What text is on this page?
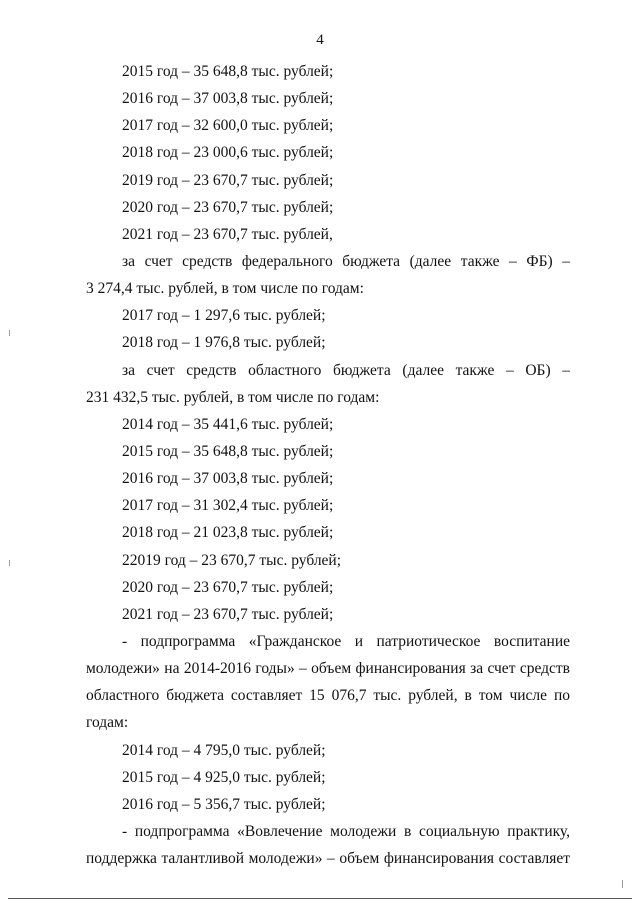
4
2015 год – 35 648,8 тыс. рублей;
2016 год – 37 003,8 тыс. рублей;
2017 год – 32 600,0 тыс. рублей;
2018 год – 23 000,6 тыс. рублей;
2019 год – 23 670,7 тыс. рублей;
2020 год – 23 670,7 тыс. рублей;
2021 год – 23 670,7 тыс. рублей,
за счет средств федерального бюджета (далее также – ФБ) –
3 274,4 тыс. рублей, в том числе по годам:
2017 год – 1 297,6 тыс. рублей;
2018 год – 1 976,8 тыс. рублей;
за счет средств областного бюджета (далее также – ОБ) –
231 432,5 тыс. рублей, в том числе по годам:
2014 год – 35 441,6 тыс. рублей;
2015 год – 35 648,8 тыс. рублей;
2016 год – 37 003,8 тыс. рублей;
2017 год – 31 302,4 тыс. рублей;
2018 год – 21 023,8 тыс. рублей;
22019 год – 23 670,7 тыс. рублей;
2020 год – 23 670,7 тыс. рублей;
2021 год – 23 670,7 тыс. рублей;
- подпрограмма «Гражданское и патриотическое воспитание
молодежи» на 2014-2016 годы» – объем финансирования за счет средств
областного бюджета составляет 15 076,7 тыс. рублей, в том числе по
годам:
2014 год – 4 795,0 тыс. рублей;
2015 год – 4 925,0 тыс. рублей;
2016 год – 5 356,7 тыс. рублей;
- подпрограмма «Вовлечение молодежи в социальную практику,
поддержка талантливой молодежи» – объем финансирования составляет
